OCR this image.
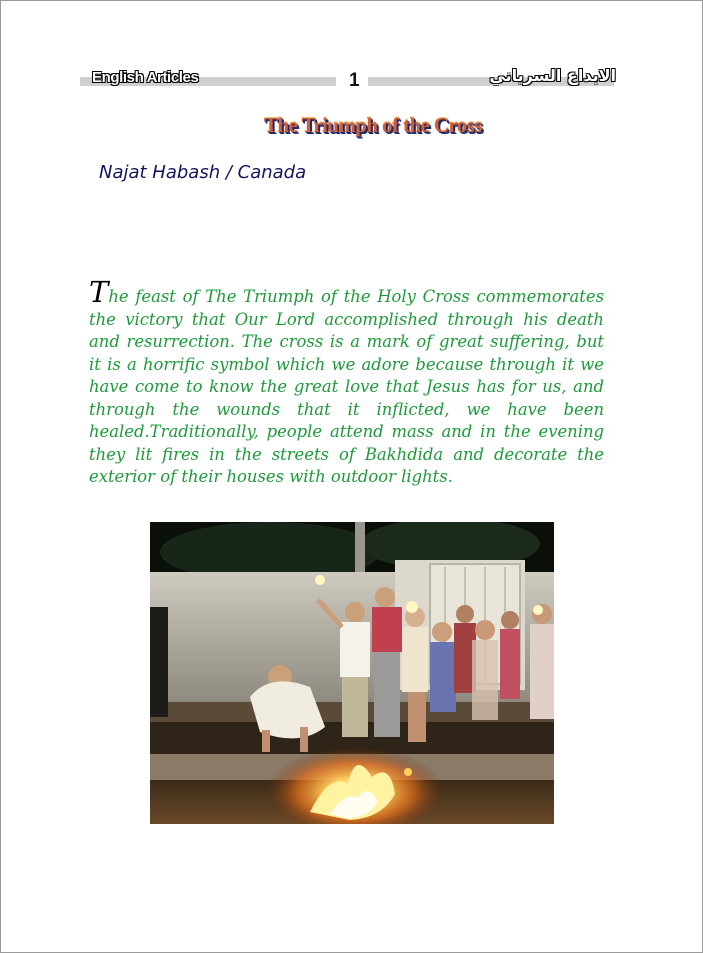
English Articles	1	الابداع السرياني
The Triumph of the Cross
Najat Habash / Canada

The feast of The Triumph of the Holy Cross commemorates the victory that Our Lord accomplished through his death and resurrection. The cross is a mark of great suffering, but it is a horrific symbol which we adore because through it we have come to know the great love that Jesus has for us, and through the wounds that it inflicted, we have been healed.Traditionally, people attend mass and in the evening they lit fires in the streets of Bakhdida and decorate the exterior of their houses with outdoor lights.
